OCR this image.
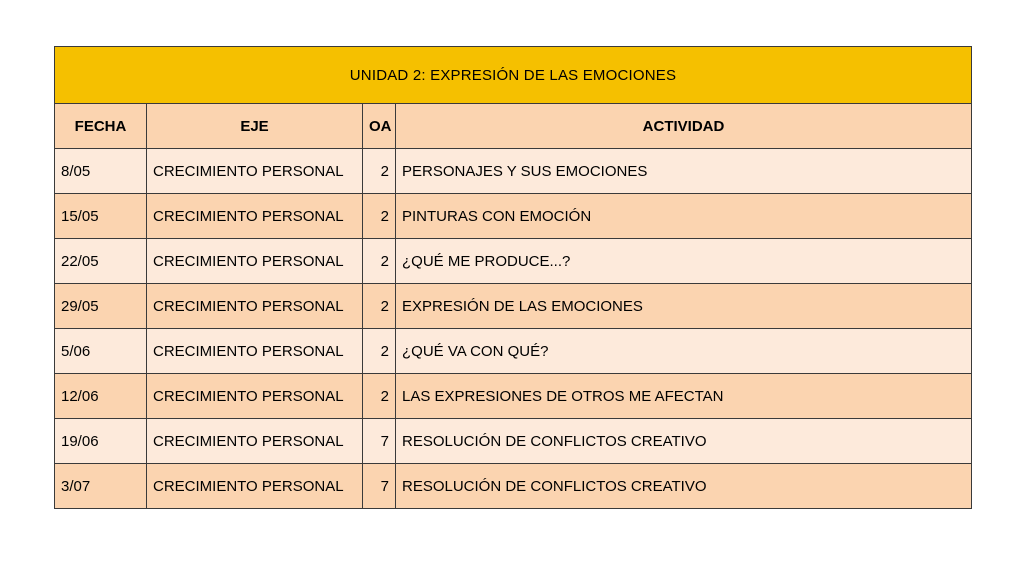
UNIDAD 2: EXPRESIÓN DE LAS EMOCIONES			
FECHA	EJE	OA	ACTIVIDAD
8/05	CRECIMIENTO PERSONAL	2	PERSONAJES Y SUS EMOCIONES
15/05	CRECIMIENTO PERSONAL	2	PINTURAS CON EMOCIÓN
22/05	CRECIMIENTO PERSONAL	2	¿QUÉ ME PRODUCE...?
29/05	CRECIMIENTO PERSONAL	2	EXPRESIÓN DE LAS EMOCIONES
5/06	CRECIMIENTO PERSONAL	2	¿QUÉ VA CON QUÉ?
12/06	CRECIMIENTO PERSONAL	2	LAS EXPRESIONES DE OTROS ME AFECTAN
19/06	CRECIMIENTO PERSONAL	7	RESOLUCIÓN DE CONFLICTOS CREATIVO
3/07	CRECIMIENTO PERSONAL	7	RESOLUCIÓN DE CONFLICTOS CREATIVO
